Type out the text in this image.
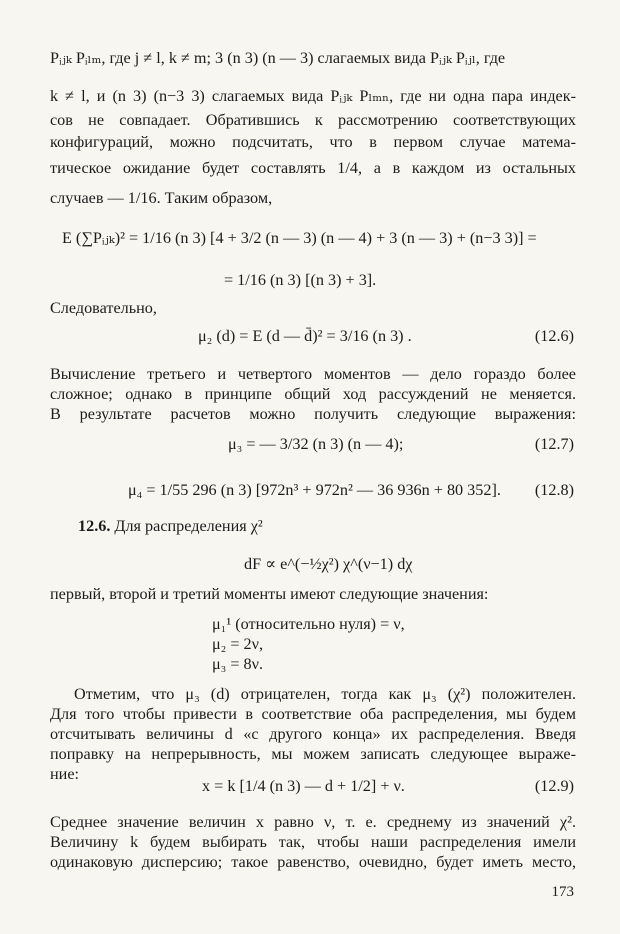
Pᵢⱼₖ Pᵢₗₘ, где j ≠ l, k ≠ m; 3 (n 3) (n — 3) слагаемых вида Pᵢⱼₖ Pᵢⱼₗ, где
k ≠ l, и (n 3) (n−3 3) слагаемых вида Pᵢⱼₖ Pₗₘₙ, где ни одна пара индек-
сов не совпадает. Обратившись к рассмотрению соответствующих
конфигураций, можно подсчитать, что в первом случае матема-
тическое ожидание будет составлять 1/4, а в каждом из остальных
случаев — 1/16. Таким образом,
E (∑Pᵢⱼₖ)² = 1/16 (n 3) [4 + 3/2 (n — 3) (n — 4) + 3 (n — 3) + (n−3 3)] =
= 1/16 (n 3) [(n 3) + 3].
Следовательно,
μ₂ (d) = E (d — d̄)² = 3/16 (n 3) .	(12.6)
Вычисление третьего и четвертого моментов — дело гораздо более
сложное; однако в принципе общий ход рассуждений не меняется.
В результате расчетов можно получить следующие выражения:
μ₃ = — 3/32 (n 3) (n — 4);	(12.7)
μ₄ = 1/55 296 (n 3) [972n³ + 972n² — 36 936n + 80 352]. (12.8)
12.6. Для распределения χ²
dF ∝ e^(−½χ²) χ^(ν−1) dχ
первый, второй и третий моменты имеют следующие значения:
μ₁¹ (относительно нуля) = ν,
μ₂ = 2ν,
μ₃ = 8ν.
Отметим, что μ₃ (d) отрицателен, тогда как μ₃ (χ²) положителен.
Для того чтобы привести в соответствие оба распределения, мы будем
отсчитывать величины d «с другого конца» их распределения. Введя
поправку на непрерывность, мы можем записать следующее выраже-
ние:
x = k [1/4 (n 3) — d + 1/2] + ν.	(12.9)
Среднее значение величин x равно ν, т. е. среднему из значений χ².
Величину k будем выбирать так, чтобы наши распределения имели
одинаковую дисперсию; такое равенство, очевидно, будет иметь место,
173
